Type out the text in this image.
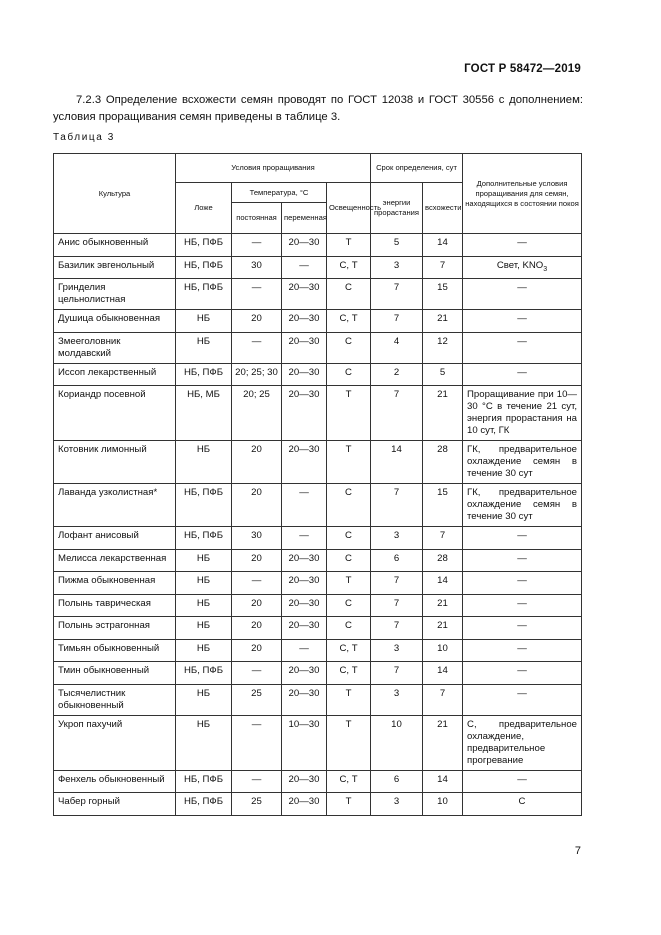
ГОСТ Р 58472—2019

7.2.3 Определение всхожести семян проводят по ГОСТ 12038 и ГОСТ 30556 с дополнением: условия проращивания семян приведены в таблице 3.

Таблица 3
Культура	Условия проращивания				Срок определения, сут		Дополнительные условия проращивания для семян, находящихся в состоянии покоя
	Ложе	Температура, °С		Освещенность	энергии прорастания	всхожести	
		постоянная	переменная				
Анис обыкновенный	НБ, ПФБ	—	20—30	Т	5	14	—
Базилик эвгенольный	НБ, ПФБ	30	—	С, Т	3	7	Свет, $KNO_3$
Гринделия цельнолистная	НБ, ПФБ	—	20—30	С	7	15	—
Душица обыкновенная	НБ	20	20—30	С, Т	7	21	—
Змееголовник молдавский	НБ	—	20—30	С	4	12	—
Иссоп лекарственный	НБ, ПФБ	20; 25; 30	20—30	С	2	5	—
Кориандр посевной	НБ, МБ	20; 25	20—30	Т	7	21	Проращивание при 10—30 °С в течение 21 сут, энергия прорастания на 10 сут, ГК
Котовник лимонный	НБ	20	20—30	Т	14	28	ГК, предварительное охлаждение семян в течение 30 сут
Лаванда узколистная*	НБ, ПФБ	20	—	С	7	15	ГК, предварительное охлаждение семян в течение 30 сут
Лофант анисовый	НБ, ПФБ	30	—	С	3	7	—
Мелисса лекарственная	НБ	20	20—30	С	6	28	—
Пижма обыкновенная	НБ	—	20—30	Т	7	14	—
Полынь таврическая	НБ	20	20—30	С	7	21	—
Полынь эстрагонная	НБ	20	20—30	С	7	21	—
Тимьян обыкновенный	НБ	20	—	С, Т	3	10	—
Тмин обыкновенный	НБ, ПФБ	—	20—30	С, Т	7	14	—
Тысячелистник обыкновенный	НБ	25	20—30	Т	3	7	—
Укроп пахучий	НБ	—	10—30	Т	10	21	С, предварительное охлаждение, предварительное прогревание
Фенхель обыкновенный	НБ, ПФБ	—	20—30	С, Т	6	14	—
Чабер горный	НБ, ПФБ	25	20—30	Т	3	10	С
7
